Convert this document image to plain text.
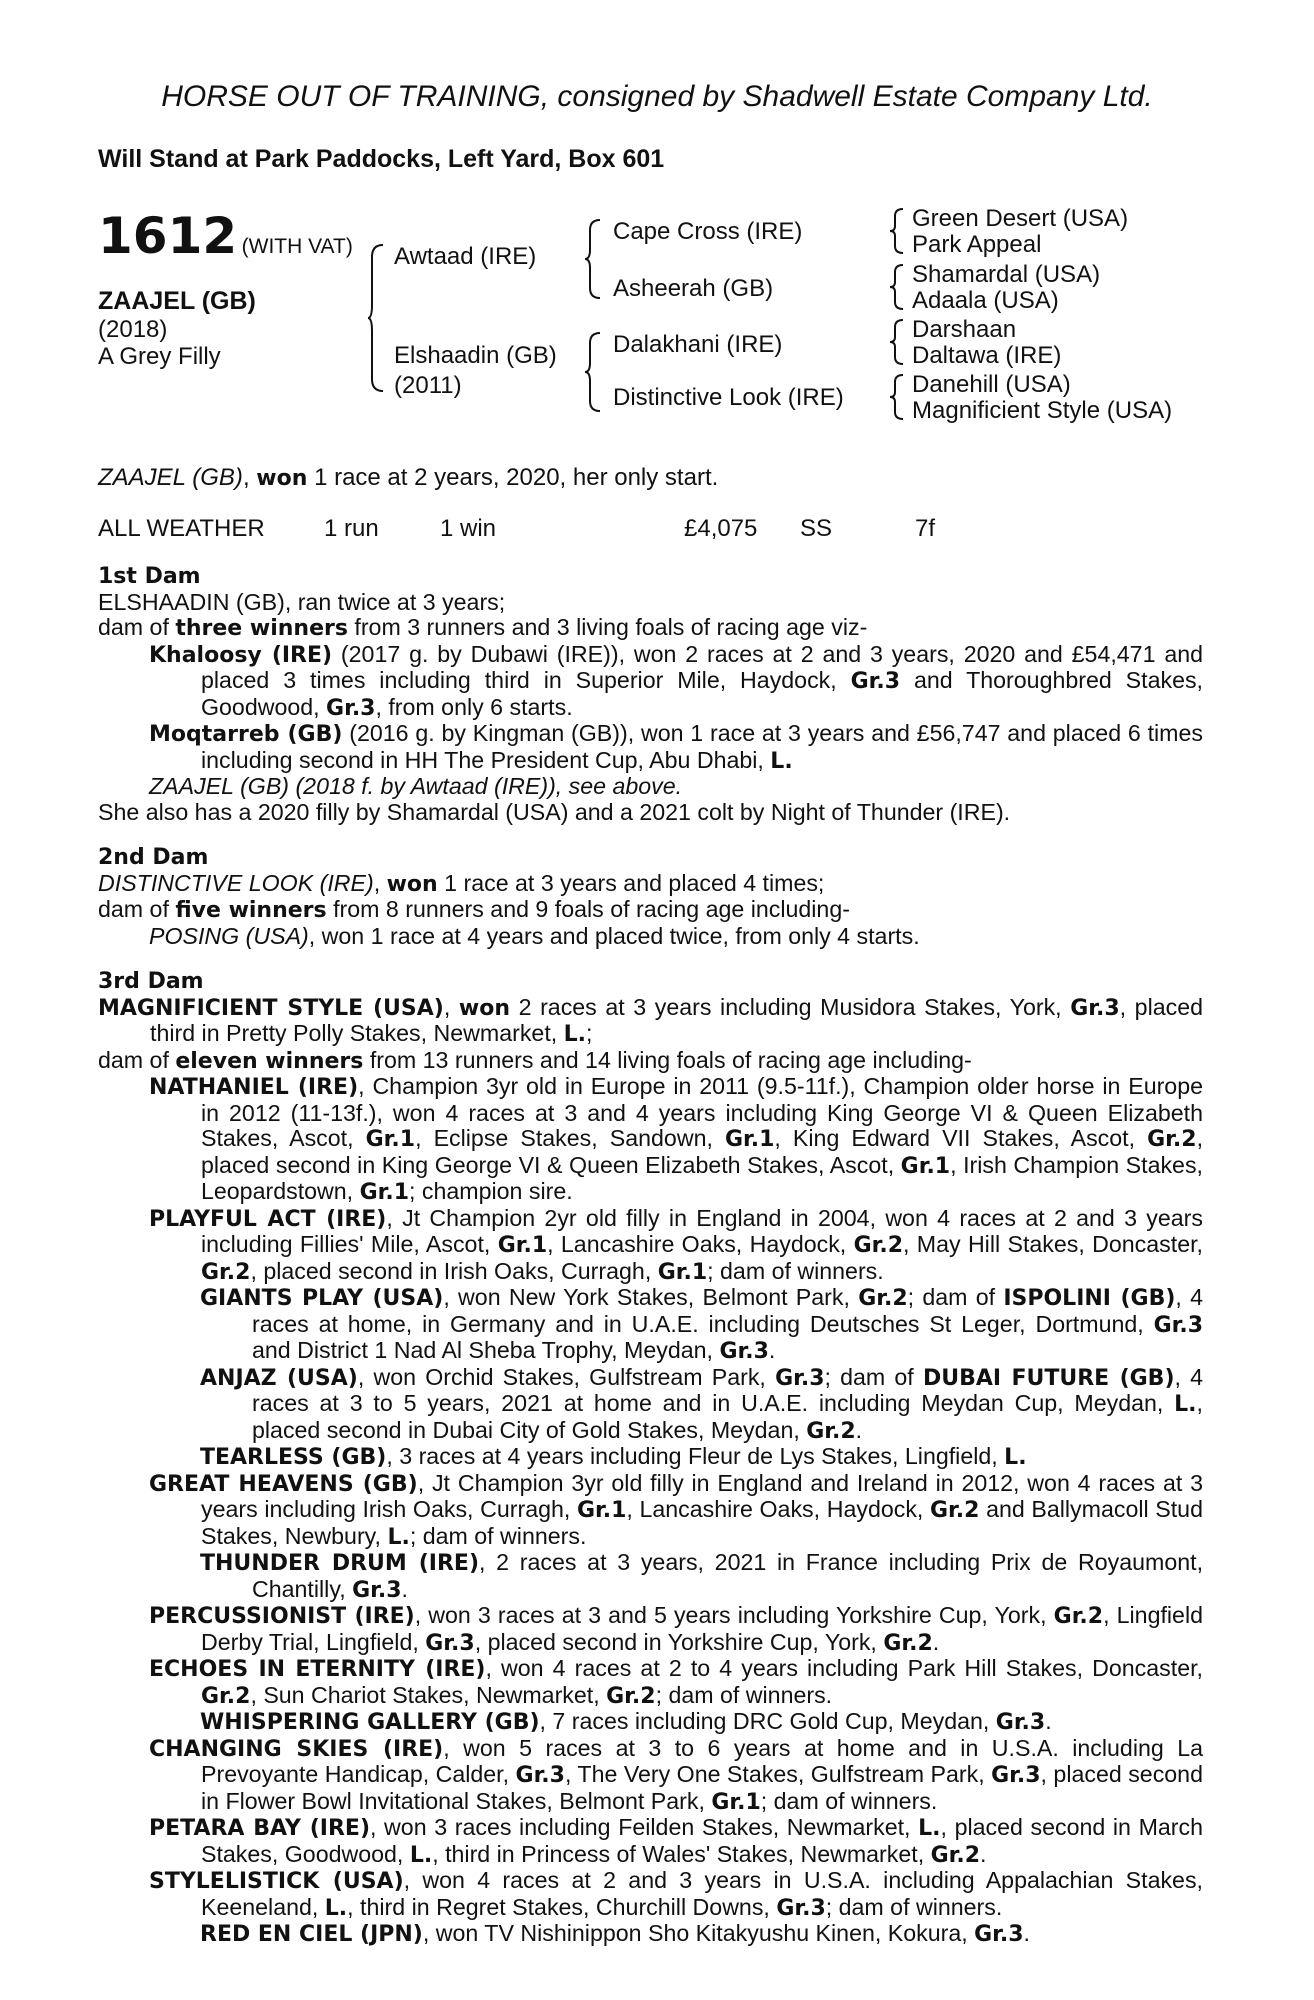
HORSE OUT OF TRAINING, consigned by Shadwell Estate Company Ltd.
Will Stand at Park Paddocks, Left Yard, Box 601
1612 (WITH VAT)
ZAAJEL (GB)
(2018)
A Grey Filly
Awtaad (IRE)
Elshaadin (GB)
(2011)
Cape Cross (IRE)
Asheerah (GB)
Dalakhani (IRE)
Distinctive Look (IRE)
Green Desert (USA)
Park Appeal
Shamardal (USA)
Adaala (USA)
Darshaan
Daltawa (IRE)
Danehill (USA)
Magnificient Style (USA)
ZAAJEL (GB), won 1 race at 2 years, 2020, her only start.
ALL WEATHER 1 run	1 win	£4,075 SS	7f

1st Dam

ELSHAADIN (GB), ran twice at 3 years;

dam of three winners from 3 runners and 3 living foals of racing age viz-

Khaloosy (IRE) (2017 g. by Dubawi (IRE)), won 2 races at 2 and 3 years, 2020 and £54,471 and placed 3 times including third in Superior Mile, Haydock, Gr.3 and Thoroughbred Stakes, Goodwood, Gr.3, from only 6 starts.

Moqtarreb (GB) (2016 g. by Kingman (GB)), won 1 race at 3 years and £56,747 and placed 6 times including second in HH The President Cup, Abu Dhabi, L.

ZAAJEL (GB) (2018 f. by Awtaad (IRE)), see above.

She also has a 2020 filly by Shamardal (USA) and a 2021 colt by Night of Thunder (IRE).

2nd Dam

DISTINCTIVE LOOK (IRE), won 1 race at 3 years and placed 4 times;

dam of five winners from 8 runners and 9 foals of racing age including-

POSING (USA), won 1 race at 4 years and placed twice, from only 4 starts.

3rd Dam

MAGNIFICIENT STYLE (USA), won 2 races at 3 years including Musidora Stakes, York, Gr.3, placed third in Pretty Polly Stakes, Newmarket, L.;

dam of eleven winners from 13 runners and 14 living foals of racing age including-

NATHANIEL (IRE), Champion 3yr old in Europe in 2011 (9.5-11f.), Champion older horse in Europe in 2012 (11-13f.), won 4 races at 3 and 4 years including King George VI & Queen Elizabeth Stakes, Ascot, Gr.1, Eclipse Stakes, Sandown, Gr.1, King Edward VII Stakes, Ascot, Gr.2, placed second in King George VI & Queen Elizabeth Stakes, Ascot, Gr.1, Irish Champion Stakes, Leopardstown, Gr.1; champion sire.

PLAYFUL ACT (IRE), Jt Champion 2yr old filly in England in 2004, won 4 races at 2 and 3 years including Fillies' Mile, Ascot, Gr.1, Lancashire Oaks, Haydock, Gr.2, May Hill Stakes, Doncaster, Gr.2, placed second in Irish Oaks, Curragh, Gr.1; dam of winners.

GIANTS PLAY (USA), won New York Stakes, Belmont Park, Gr.2; dam of ISPOLINI (GB), 4 races at home, in Germany and in U.A.E. including Deutsches St Leger, Dortmund, Gr.3 and District 1 Nad Al Sheba Trophy, Meydan, Gr.3.

ANJAZ (USA), won Orchid Stakes, Gulfstream Park, Gr.3; dam of DUBAI FUTURE (GB), 4 races at 3 to 5 years, 2021 at home and in U.A.E. including Meydan Cup, Meydan, L., placed second in Dubai City of Gold Stakes, Meydan, Gr.2.

TEARLESS (GB), 3 races at 4 years including Fleur de Lys Stakes, Lingfield, L.

GREAT HEAVENS (GB), Jt Champion 3yr old filly in England and Ireland in 2012, won 4 races at 3 years including Irish Oaks, Curragh, Gr.1, Lancashire Oaks, Haydock, Gr.2 and Ballymacoll Stud Stakes, Newbury, L.; dam of winners.

THUNDER DRUM (IRE), 2 races at 3 years, 2021 in France including Prix de Royaumont, Chantilly, Gr.3.

PERCUSSIONIST (IRE), won 3 races at 3 and 5 years including Yorkshire Cup, York, Gr.2, Lingfield Derby Trial, Lingfield, Gr.3, placed second in Yorkshire Cup, York, Gr.2.

ECHOES IN ETERNITY (IRE), won 4 races at 2 to 4 years including Park Hill Stakes, Doncaster, Gr.2, Sun Chariot Stakes, Newmarket, Gr.2; dam of winners.

WHISPERING GALLERY (GB), 7 races including DRC Gold Cup, Meydan, Gr.3.

CHANGING SKIES (IRE), won 5 races at 3 to 6 years at home and in U.S.A. including La Prevoyante Handicap, Calder, Gr.3, The Very One Stakes, Gulfstream Park, Gr.3, placed second in Flower Bowl Invitational Stakes, Belmont Park, Gr.1; dam of winners.

PETARA BAY (IRE), won 3 races including Feilden Stakes, Newmarket, L., placed second in March Stakes, Goodwood, L., third in Princess of Wales' Stakes, Newmarket, Gr.2.

STYLELISTICK (USA), won 4 races at 2 and 3 years in U.S.A. including Appalachian Stakes, Keeneland, L., third in Regret Stakes, Churchill Downs, Gr.3; dam of winners.

RED EN CIEL (JPN), won TV Nishinippon Sho Kitakyushu Kinen, Kokura, Gr.3.
